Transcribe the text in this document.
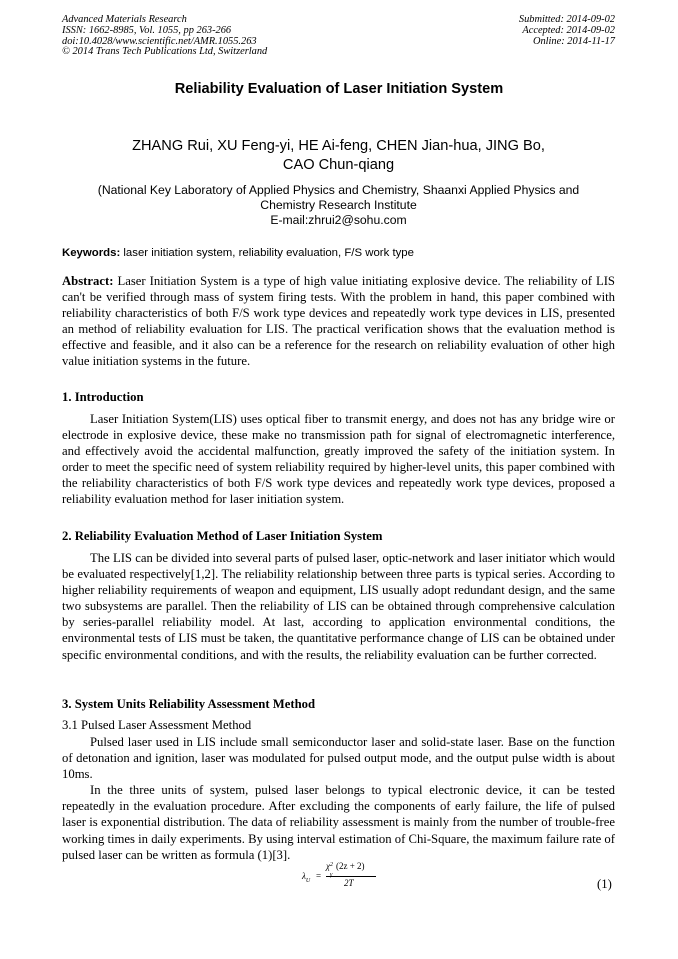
Advanced Materials Research
ISSN: 1662-8985, Vol. 1055, pp 263-266
doi:10.4028/www.scientific.net/AMR.1055.263
© 2014 Trans Tech Publications Ltd, Switzerland
Submitted: 2014-09-02
Accepted: 2014-09-02
Online: 2014-11-17
Reliability Evaluation of Laser Initiation System
ZHANG Rui, XU Feng-yi, HE Ai-feng, CHEN Jian-hua, JING Bo,
CAO Chun-qiang
(National Key Laboratory of Applied Physics and Chemistry, Shaanxi Applied Physics and
Chemistry Research Institute
E-mail:zhrui2@sohu.com
Keywords: laser initiation system, reliability evaluation, F/S work type

Abstract: Laser Initiation System is a type of high value initiating explosive device. The reliability of LIS can't be verified through mass of system firing tests. With the problem in hand, this paper combined with reliability characteristics of both F/S work type devices and repeatedly work type devices in LIS, presented an method of reliability evaluation for LIS. The practical verification shows that the evaluation method is effective and feasible, and it also can be a reference for the research on reliability evaluation of other high value initiation systems in the future.

1. Introduction

Laser Initiation System(LIS) uses optical fiber to transmit energy, and does not has any bridge wire or electrode in explosive device, these make no transmission path for signal of electromagnetic interference, and effectively avoid the accidental malfunction, greatly improved the safety of the initiation system. In order to meet the specific need of system reliability required by higher-level units, this paper combined with the reliability characteristics of both F/S work type devices and repeatedly work type devices, proposed a reliability evaluation method for laser initiation system.

2. Reliability Evaluation Method of Laser Initiation System

The LIS can be divided into several parts of pulsed laser, optic-network and laser initiator which would be evaluated respectively[1,2]. The reliability relationship between three parts is typical series. According to higher reliability requirements of weapon and equipment, LIS usually adopt redundant design, and the same two subsystems are parallel. Then the reliability of LIS can be obtained through comprehensive calculation by series-parallel reliability model. At last, according to application environmental conditions, the environmental tests of LIS must be taken, the quantitative performance change of LIS can be obtained under specific environmental conditions, and with the results, the reliability evaluation can be further corrected.

3. System Units Reliability Assessment Method
3.1 Pulsed Laser Assessment Method

Pulsed laser used in LIS include small semiconductor laser and solid-state laser. Base on the function of detonation and ignition, laser was modulated for pulsed output mode, and the output pulse width is about 10ms.

In the three units of system, pulsed laser belongs to typical electronic device, it can be tested repeatedly in the evaluation procedure. After excluding the components of early failure, the life of pulsed laser is exponential distribution. The data of reliability assessment is mainly from the number of trouble-free working times in daily experiments. By using interval estimation of Chi-Square, the maximum failure rate of pulsed laser can be written as formula (1)[3].

$\lambda_U$ =
χ 2
γ
(2z + 2)
2T	(1)
